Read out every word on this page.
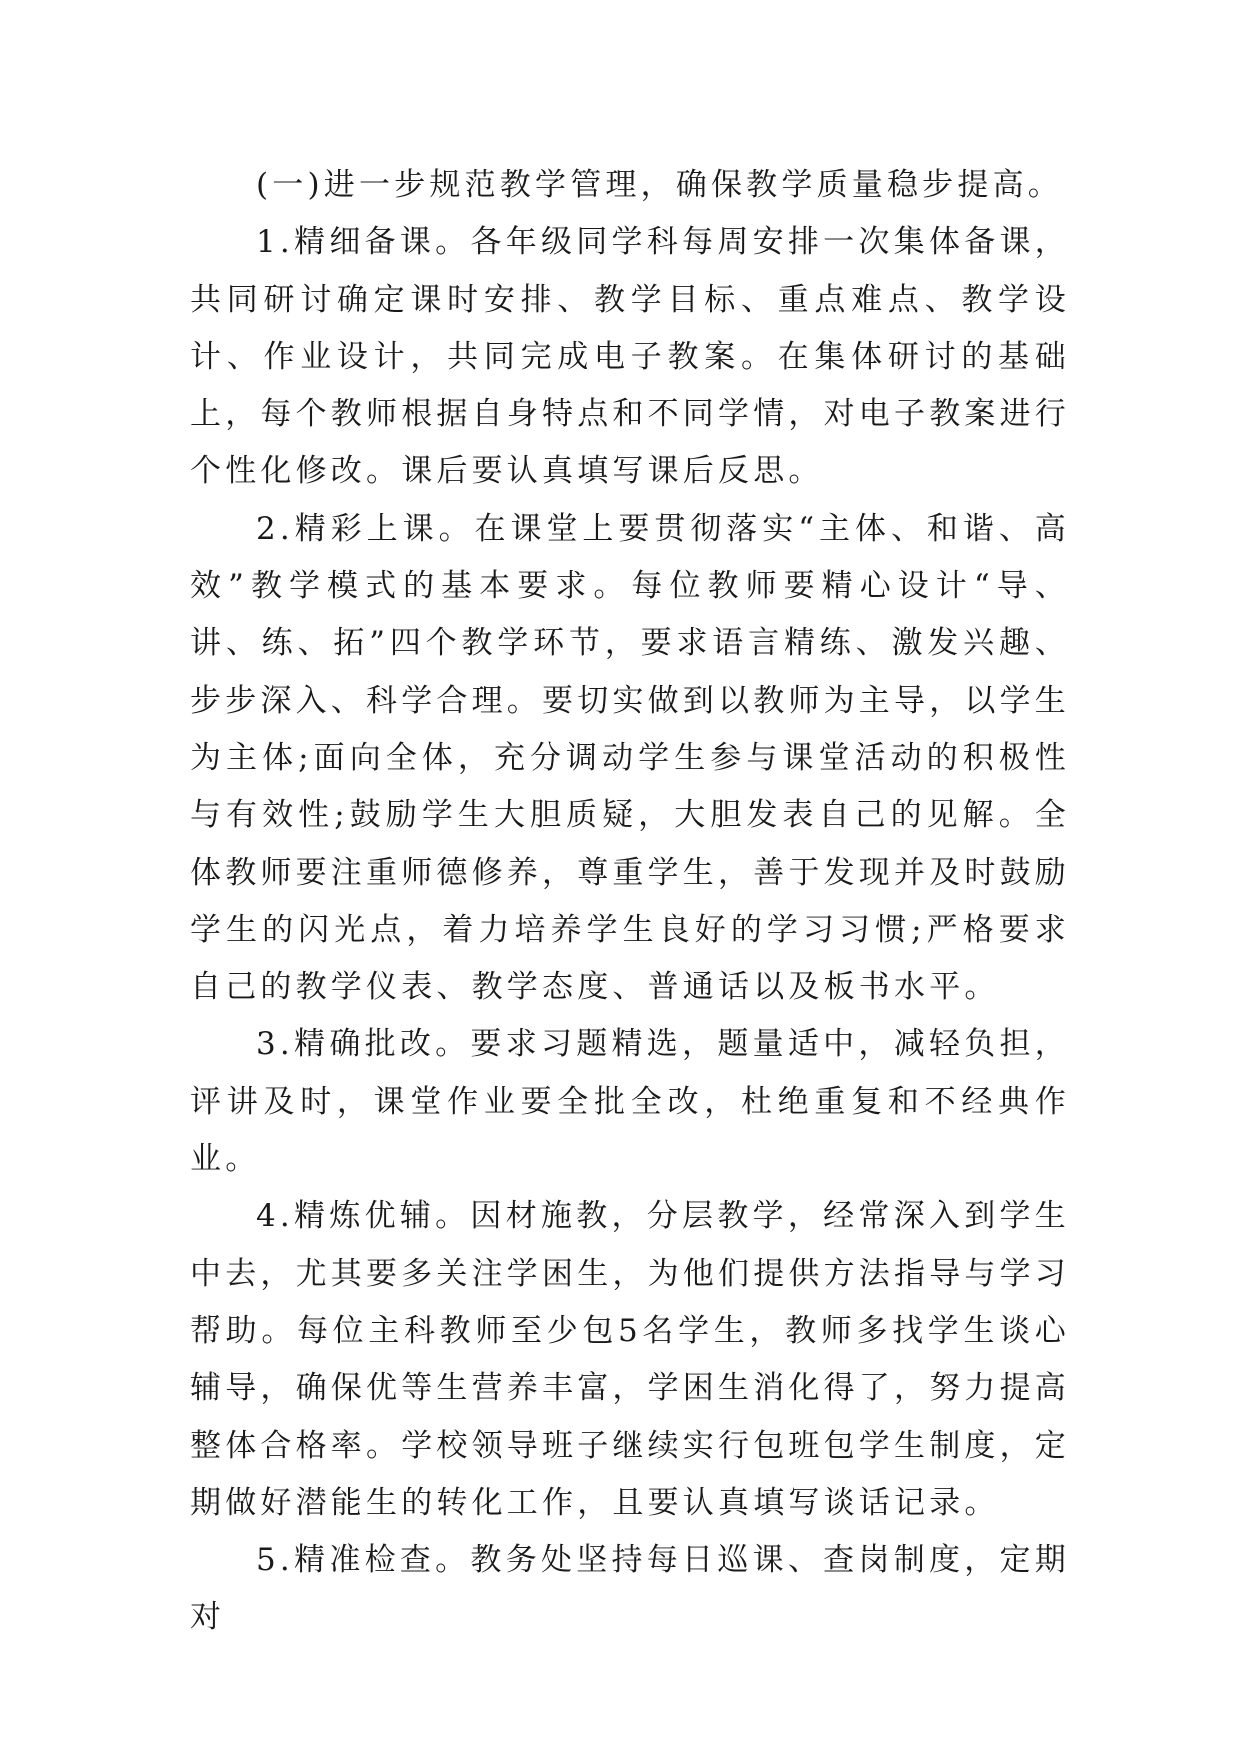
(一)进一步规范教学管理，确保教学质量稳步提高。

1.精细备课。各年级同学科每周安排一次集体备课，共同研讨确定课时安排、教学目标、重点难点、教学设计、作业设计，共同完成电子教案。在集体研讨的基础上，每个教师根据自身特点和不同学情，对电子教案进行个性化修改。课后要认真填写课后反思。

2.精彩上课。在课堂上要贯彻落实“主体、和谐、高效”教学模式的基本要求。每位教师要精心设计“导、讲、练、拓”四个教学环节，要求语言精练、激发兴趣、步步深入、科学合理。要切实做到以教师为主导，以学生为主体;面向全体，充分调动学生参与课堂活动的积极性与有效性;鼓励学生大胆质疑，大胆发表自己的见解。全体教师要注重师德修养，尊重学生，善于发现并及时鼓励学生的闪光点，着力培养学生良好的学习习惯;严格要求自己的教学仪表、教学态度、普通话以及板书水平。

3.精确批改。要求习题精选，题量适中，减轻负担，评讲及时，课堂作业要全批全改，杜绝重复和不经典作业。

4.精炼优辅。因材施教，分层教学，经常深入到学生中去，尤其要多关注学困生，为他们提供方法指导与学习帮助。每位主科教师至少包5名学生，教师多找学生谈心辅导，确保优等生营养丰富，学困生消化得了，努力提高整体合格率。学校领导班子继续实行包班包学生制度，定期做好潜能生的转化工作，且要认真填写谈话记录。

5.精准检查。教务处坚持每日巡课、查岗制度，定期对
